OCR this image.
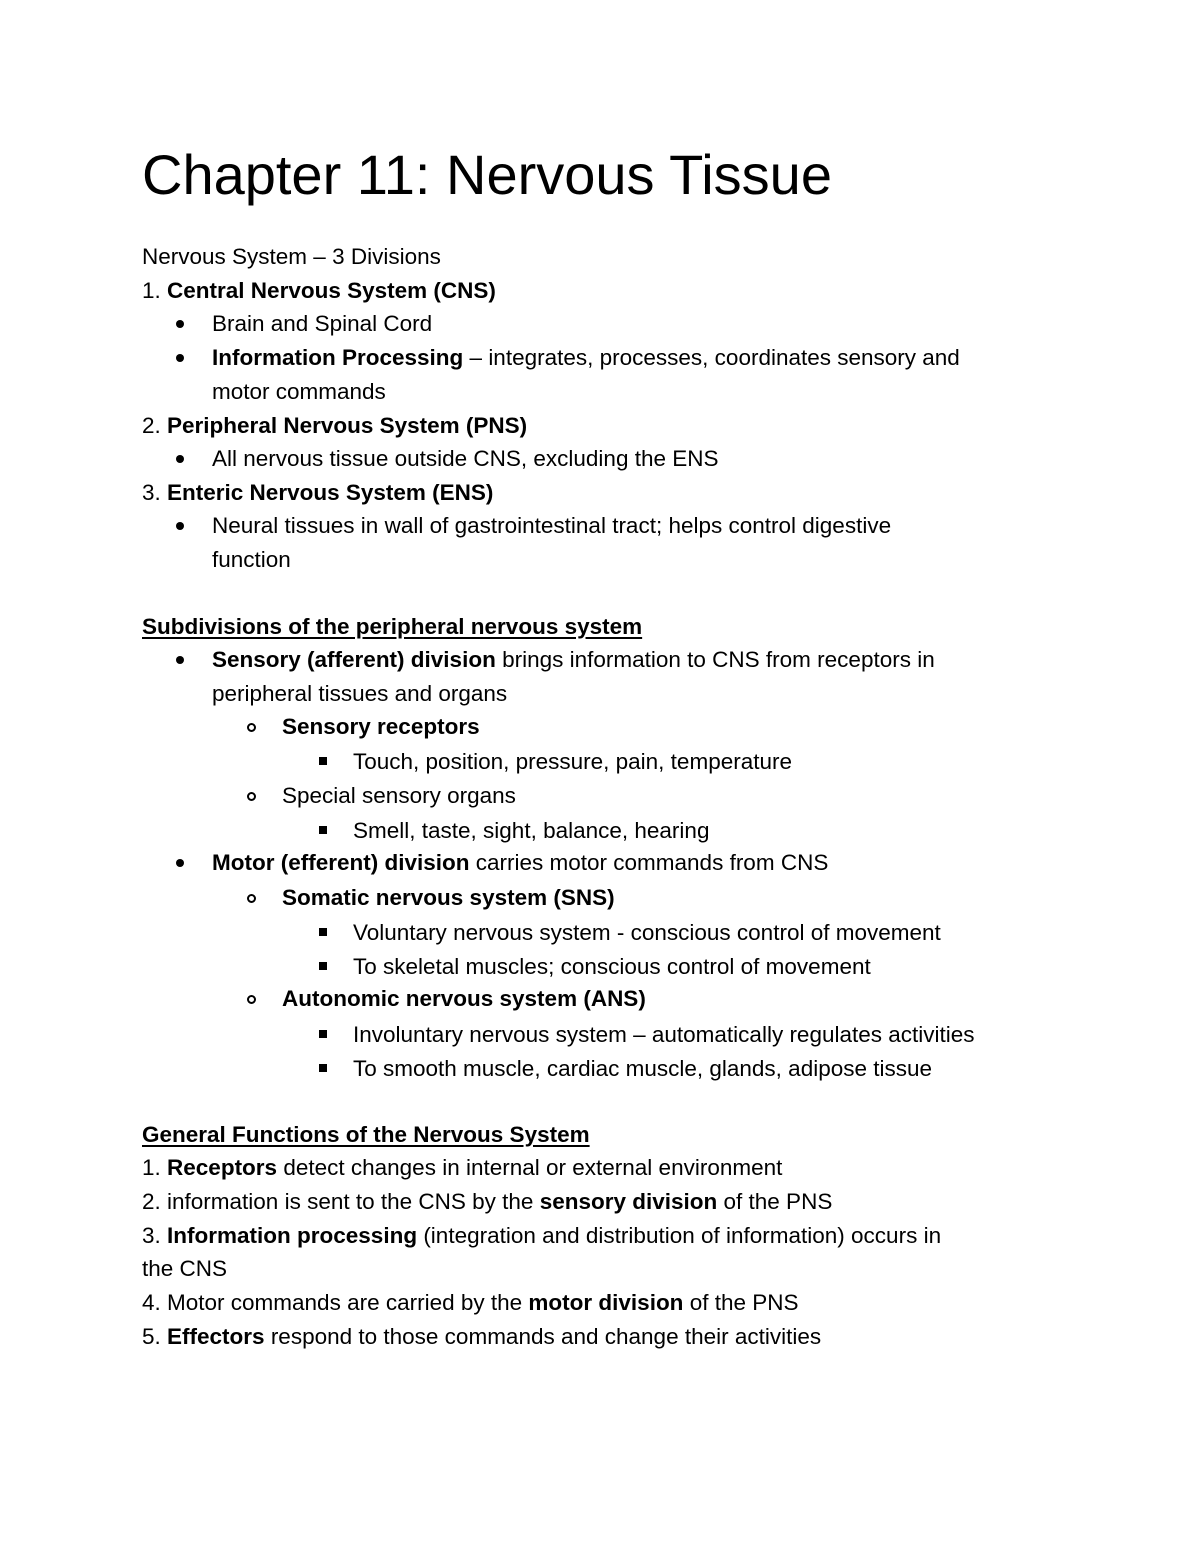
Chapter 11: Nervous Tissue
Nervous System – 3 Divisions
1. Central Nervous System (CNS)
Brain and Spinal Cord
Information Processing – integrates, processes, coordinates sensory and
motor commands
2. Peripheral Nervous System (PNS)
All nervous tissue outside CNS, excluding the ENS
3. Enteric Nervous System (ENS)
Neural tissues in wall of gastrointestinal tract; helps control digestive
function
Subdivisions of the peripheral nervous system
Sensory (afferent) division brings information to CNS from receptors in
peripheral tissues and organs
Sensory receptors
Touch, position, pressure, pain, temperature
Special sensory organs
Smell, taste, sight, balance, hearing
Motor (efferent) division carries motor commands from CNS
Somatic nervous system (SNS)
Voluntary nervous system - conscious control of movement
To skeletal muscles; conscious control of movement
Autonomic nervous system (ANS)
Involuntary nervous system – automatically regulates activities
To smooth muscle, cardiac muscle, glands, adipose tissue
General Functions of the Nervous System
1. Receptors detect changes in internal or external environment
2. information is sent to the CNS by the sensory division of the PNS
3. Information processing (integration and distribution of information) occurs in
the CNS
4. Motor commands are carried by the motor division of the PNS
5. Effectors respond to those commands and change their activities
